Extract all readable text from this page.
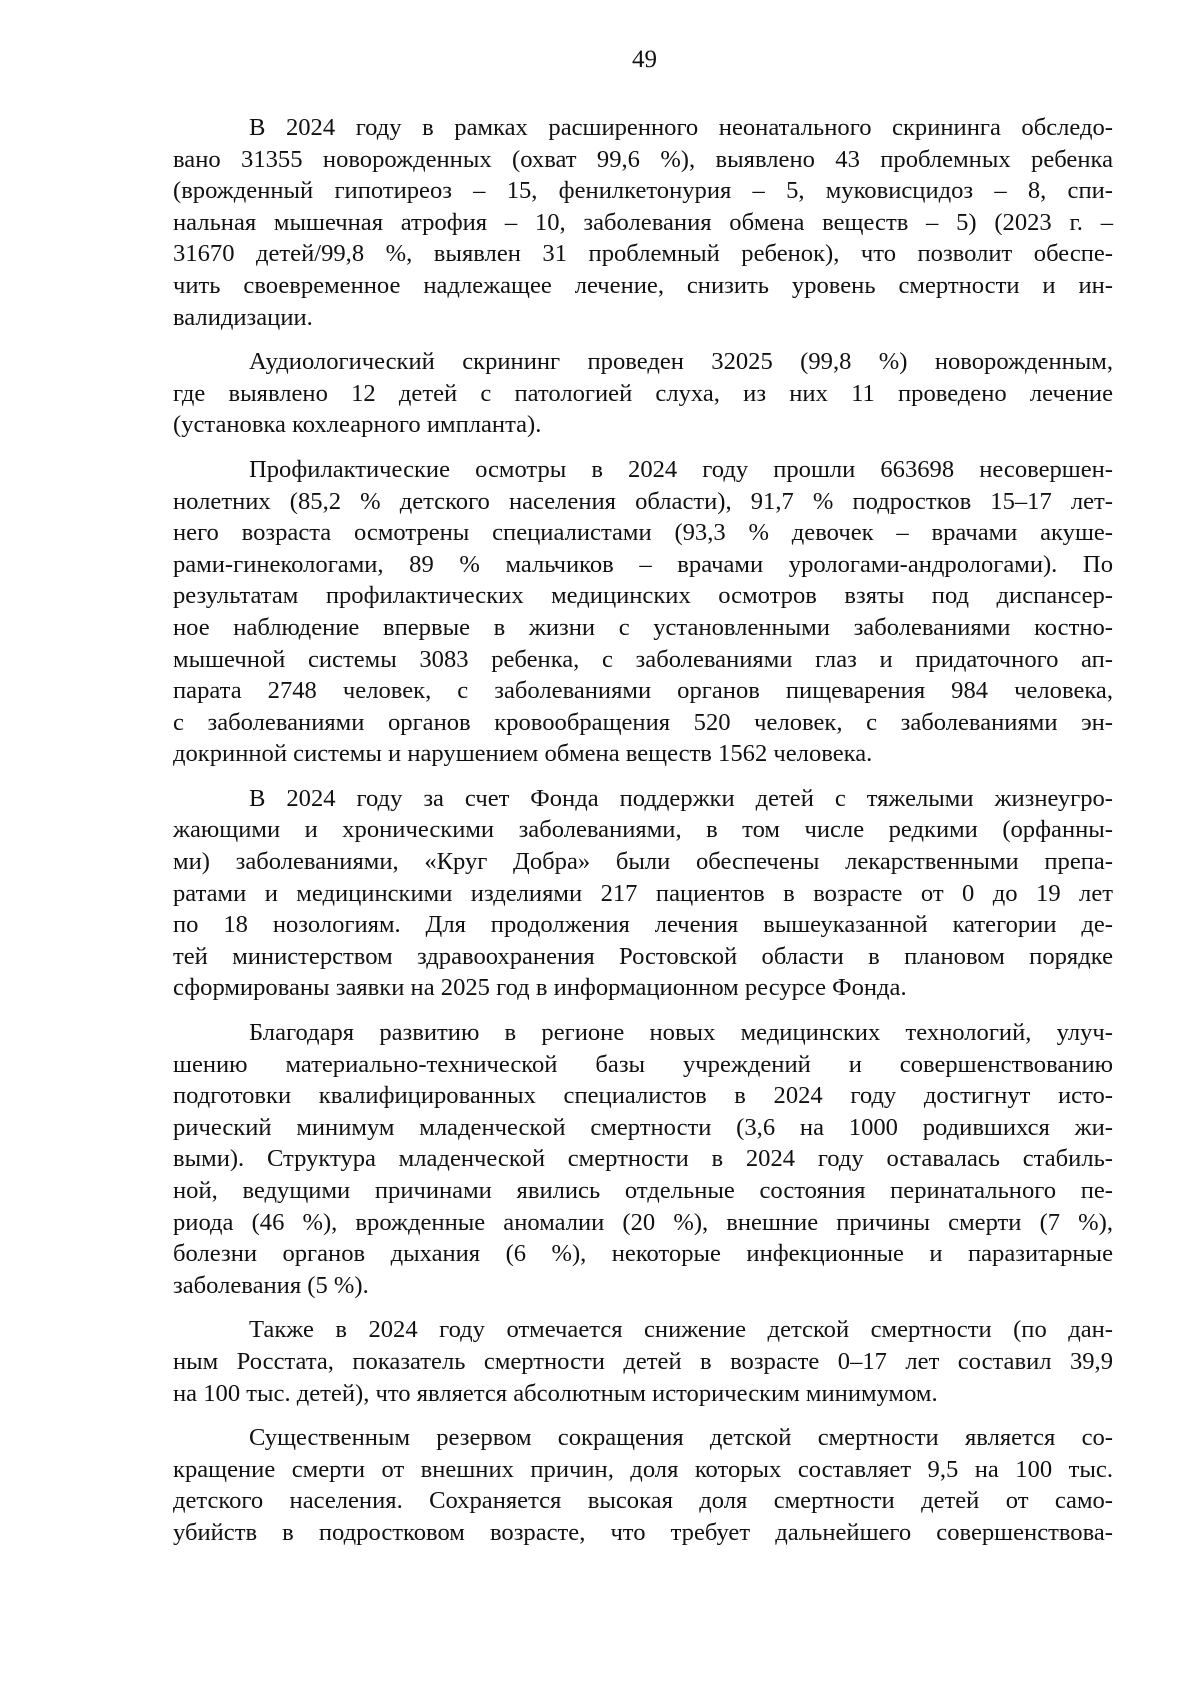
49
В 2024 году в рамках расширенного неонатального скрининга обследо-
вано 31355 новорожденных (охват 99,6 %), выявлено 43 проблемных ребенка
(врожденный гипотиреоз – 15, фенилкетонурия – 5, муковисцидоз – 8, спи-
нальная мышечная атрофия – 10, заболевания обмена веществ – 5) (2023 г. –
31670 детей/99,8 %, выявлен 31 проблемный ребенок), что позволит обеспе-
чить своевременное надлежащее лечение, снизить уровень смертности и ин-
валидизации.
Аудиологический скрининг проведен 32025 (99,8 %) новорожденным,
где выявлено 12 детей с патологией слуха, из них 11 проведено лечение
(установка кохлеарного импланта).
Профилактические осмотры в 2024 году прошли 663698 несовершен-
нолетних (85,2 % детского населения области), 91,7 % подростков 15–17 лет-
него возраста осмотрены специалистами (93,3 % девочек – врачами акуше-
рами-гинекологами, 89 % мальчиков – врачами урологами-андрологами). По
результатам профилактических медицинских осмотров взяты под диспансер-
ное наблюдение впервые в жизни с установленными заболеваниями костно-
мышечной системы 3083 ребенка, с заболеваниями глаз и придаточного ап-
парата 2748 человек, с заболеваниями органов пищеварения 984 человека,
с заболеваниями органов кровообращения 520 человек, с заболеваниями эн-
докринной системы и нарушением обмена веществ 1562 человека.
В 2024 году за счет Фонда поддержки детей с тяжелыми жизнеугро-
жающими и хроническими заболеваниями, в том числе редкими (орфанны-
ми) заболеваниями, «Круг Добра» были обеспечены лекарственными препа-
ратами и медицинскими изделиями 217 пациентов в возрасте от 0 до 19 лет
по 18 нозологиям. Для продолжения лечения вышеуказанной категории де-
тей министерством здравоохранения Ростовской области в плановом порядке
сформированы заявки на 2025 год в информационном ресурсе Фонда.
Благодаря развитию в регионе новых медицинских технологий, улуч-
шению материально-технической базы учреждений и совершенствованию
подготовки квалифицированных специалистов в 2024 году достигнут исто-
рический минимум младенческой смертности (3,6 на 1000 родившихся жи-
выми). Структура младенческой смертности в 2024 году оставалась стабиль-
ной, ведущими причинами явились отдельные состояния перинатального пе-
риода (46 %), врожденные аномалии (20 %), внешние причины смерти (7 %),
болезни органов дыхания (6 %), некоторые инфекционные и паразитарные
заболевания (5 %).
Также в 2024 году отмечается снижение детской смертности (по дан-
ным Росстата, показатель смертности детей в возрасте 0–17 лет составил 39,9
на 100 тыс. детей), что является абсолютным историческим минимумом.
Существенным резервом сокращения детской смертности является со-
кращение смерти от внешних причин, доля которых составляет 9,5 на 100 тыс.
детского населения. Сохраняется высокая доля смертности детей от само-
убийств в подростковом возрасте, что требует дальнейшего совершенствова-
